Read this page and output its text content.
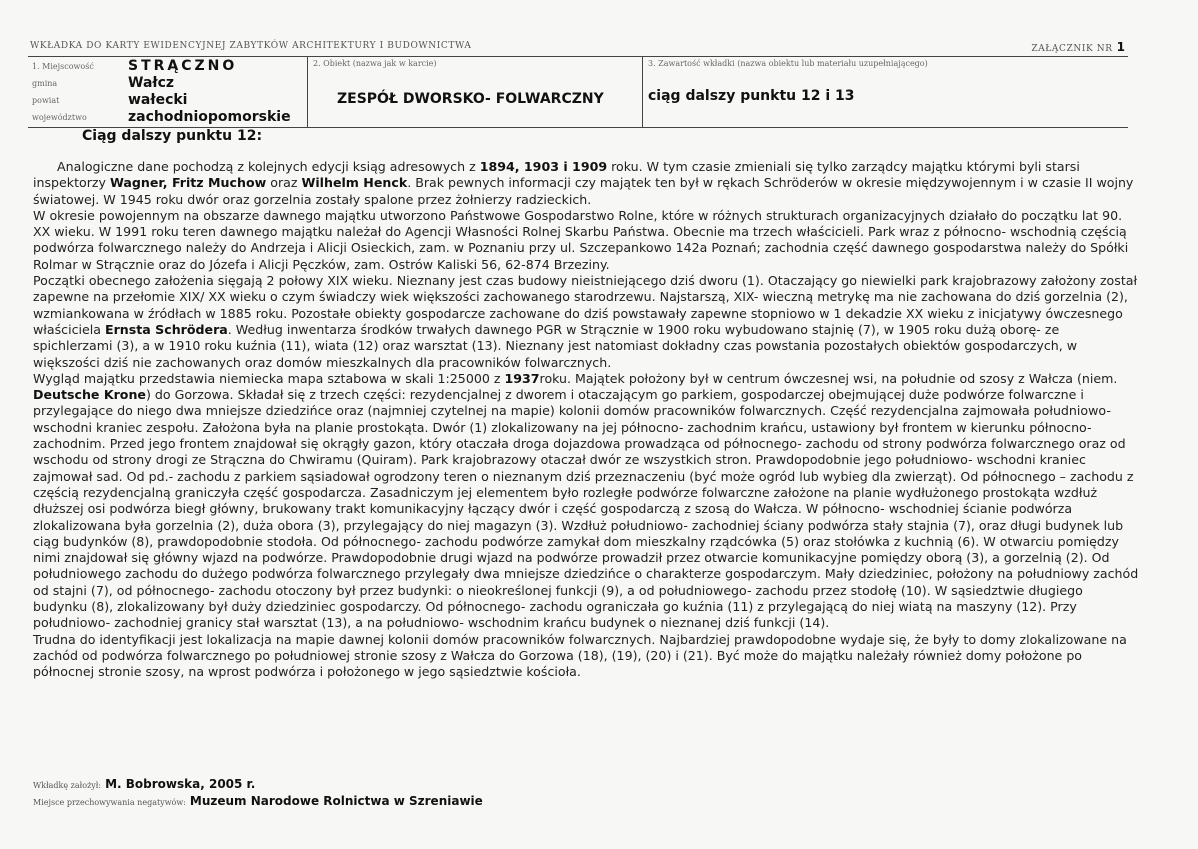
WKŁADKA DO KARTY EWIDENCYJNEJ ZABYTKÓW ARCHITEKTURY I BUDOWNICTWA	ZAŁĄCZNIK NR 1
1. Miejscowość STRĄCZNO
gmina	Wałcz
powiat	wałecki
województwo	zachodniopomorskie
2. Obiekt (nazwa jak w karcie)
ZESPÓŁ DWORSKO- FOLWARCZNY
3. Zawartość wkładki (nazwa obiektu lub materiału uzupełniającego)
ciąg dalszy punktu 12 i 13
Ciąg dalszy punktu 12:

Analogiczne dane pochodzą z kolejnych edycji ksiąg adresowych z 1894, 1903 i 1909 roku. W tym czasie zmieniali się tylko zarządcy majątku którymi byli starsi inspektorzy Wagner, Fritz Muchow oraz Wilhelm Henck. Brak pewnych informacji czy majątek ten był w rękach Schröderów w okresie międzywojennym i w czasie II wojny światowej. W 1945 roku dwór oraz gorzelnia zostały spalone przez żołnierzy radzieckich.

W okresie powojennym na obszarze dawnego majątku utworzono Państwowe Gospodarstwo Rolne, które w różnych strukturach organizacyjnych działało do początku lat 90. XX wieku. W 1991 roku teren dawnego majątku należał do Agencji Własności Rolnej Skarbu Państwa. Obecnie ma trzech właścicieli. Park wraz z północno- wschodnią częścią podwórza folwarcznego należy do Andrzeja i Alicji Osieckich, zam. w Poznaniu przy ul. Szczepankowo 142a Poznań; zachodnia część dawnego gospodarstwa należy do Spółki Rolmar w Strącznie oraz do Józefa i Alicji Pęczków, zam. Ostrów Kaliski 56, 62-874 Brzeziny.

Początki obecnego założenia sięgają 2 połowy XIX wieku. Nieznany jest czas budowy nieistniejącego dziś dworu (1). Otaczający go niewielki park krajobrazowy założony został zapewne na przełomie XIX/ XX wieku o czym świadczy wiek większości zachowanego starodrzewu. Najstarszą, XIX- wieczną metrykę ma nie zachowana do dziś gorzelnia (2), wzmiankowana w źródłach w 1885 roku. Pozostałe obiekty gospodarcze zachowane do dziś powstawały zapewne stopniowo w 1 dekadzie XX wieku z inicjatywy ówczesnego właściciela Ernsta Schrödera. Według inwentarza środków trwałych dawnego PGR w Strącznie w 1900 roku wybudowano stajnię (7), w 1905 roku dużą oborę- ze spichlerzami (3), a w 1910 roku kuźnia (11), wiata (12) oraz warsztat (13). Nieznany jest natomiast dokładny czas powstania pozostałych obiektów gospodarczych, w większości dziś nie zachowanych oraz domów mieszkalnych dla pracowników folwarcznych.

Wygląd majątku przedstawia niemiecka mapa sztabowa w skali 1:25000 z 1937roku. Majątek położony był w centrum ówczesnej wsi, na południe od szosy z Wałcza (niem. Deutsche Krone) do Gorzowa. Składał się z trzech części: rezydencjalnej z dworem i otaczającym go parkiem, gospodarczej obejmującej duże podwórze folwarczne i przylegające do niego dwa mniejsze dziedzińce oraz (najmniej czytelnej na mapie) kolonii domów pracowników folwarcznych. Część rezydencjalna zajmowała południowo- wschodni kraniec zespołu. Założona była na planie prostokąta. Dwór (1) zlokalizowany na jej północno- zachodnim krańcu, ustawiony był frontem w kierunku północno- zachodnim. Przed jego frontem znajdował się okrągły gazon, który otaczała droga dojazdowa prowadząca od północnego- zachodu od strony podwórza folwarcznego oraz od wschodu od strony drogi ze Strączna do Chwiramu (Quiram). Park krajobrazowy otaczał dwór ze wszystkich stron. Prawdopodobnie jego południowo- wschodni kraniec zajmował sad. Od pd.- zachodu z parkiem sąsiadował ogrodzony teren o nieznanym dziś przeznaczeniu (być może ogród lub wybieg dla zwierząt). Od północnego – zachodu z częścią rezydencjalną graniczyła część gospodarcza. Zasadniczym jej elementem było rozległe podwórze folwarczne założone na planie wydłużonego prostokąta wzdłuż dłuższej osi podwórza biegł główny, brukowany trakt komunikacyjny łączący dwór i część gospodarczą z szosą do Wałcza. W północno- wschodniej ścianie podwórza zlokalizowana była gorzelnia (2), duża obora (3), przylegający do niej magazyn (3). Wzdłuż południowo- zachodniej ściany podwórza stały stajnia (7), oraz długi budynek lub ciąg budynków (8), prawdopodobnie stodoła. Od północnego- zachodu podwórze zamykał dom mieszkalny rządcówka (5) oraz stołówka z kuchnią (6). W otwarciu pomiędzy nimi znajdował się główny wjazd na podwórze. Prawdopodobnie drugi wjazd na podwórze prowadził przez otwarcie komunikacyjne pomiędzy oborą (3), a gorzelnią (2). Od południowego zachodu do dużego podwórza folwarcznego przylegały dwa mniejsze dziedzińce o charakterze gospodarczym. Mały dziedziniec, położony na południowy zachód od stajni (7), od północnego- zachodu otoczony był przez budynki: o nieokreślonej funkcji (9), a od południowego- zachodu przez stodołę (10). W sąsiedztwie długiego budynku (8), zlokalizowany był duży dziedziniec gospodarczy. Od północnego- zachodu ograniczała go kuźnia (11) z przylegającą do niej wiatą na maszyny (12). Przy południowo- zachodniej granicy stał warsztat (13), a na południowo- wschodnim krańcu budynek o nieznanej dziś funkcji (14).

Trudna do identyfikacji jest lokalizacja na mapie dawnej kolonii domów pracowników folwarcznych. Najbardziej prawdopodobne wydaje się, że były to domy zlokalizowane na zachód od podwórza folwarcznego po południowej stronie szosy z Wałcza do Gorzowa (18), (19), (20) i (21). Być może do majątku należały również domy położone po północnej stronie szosy, na wprost podwórza i położonego w jego sąsiedztwie kościoła.

Wkładkę założył: M. Bobrowska, 2005 r.
Miejsce przechowywania negatywów: Muzeum Narodowe Rolnictwa w Szreniawie
